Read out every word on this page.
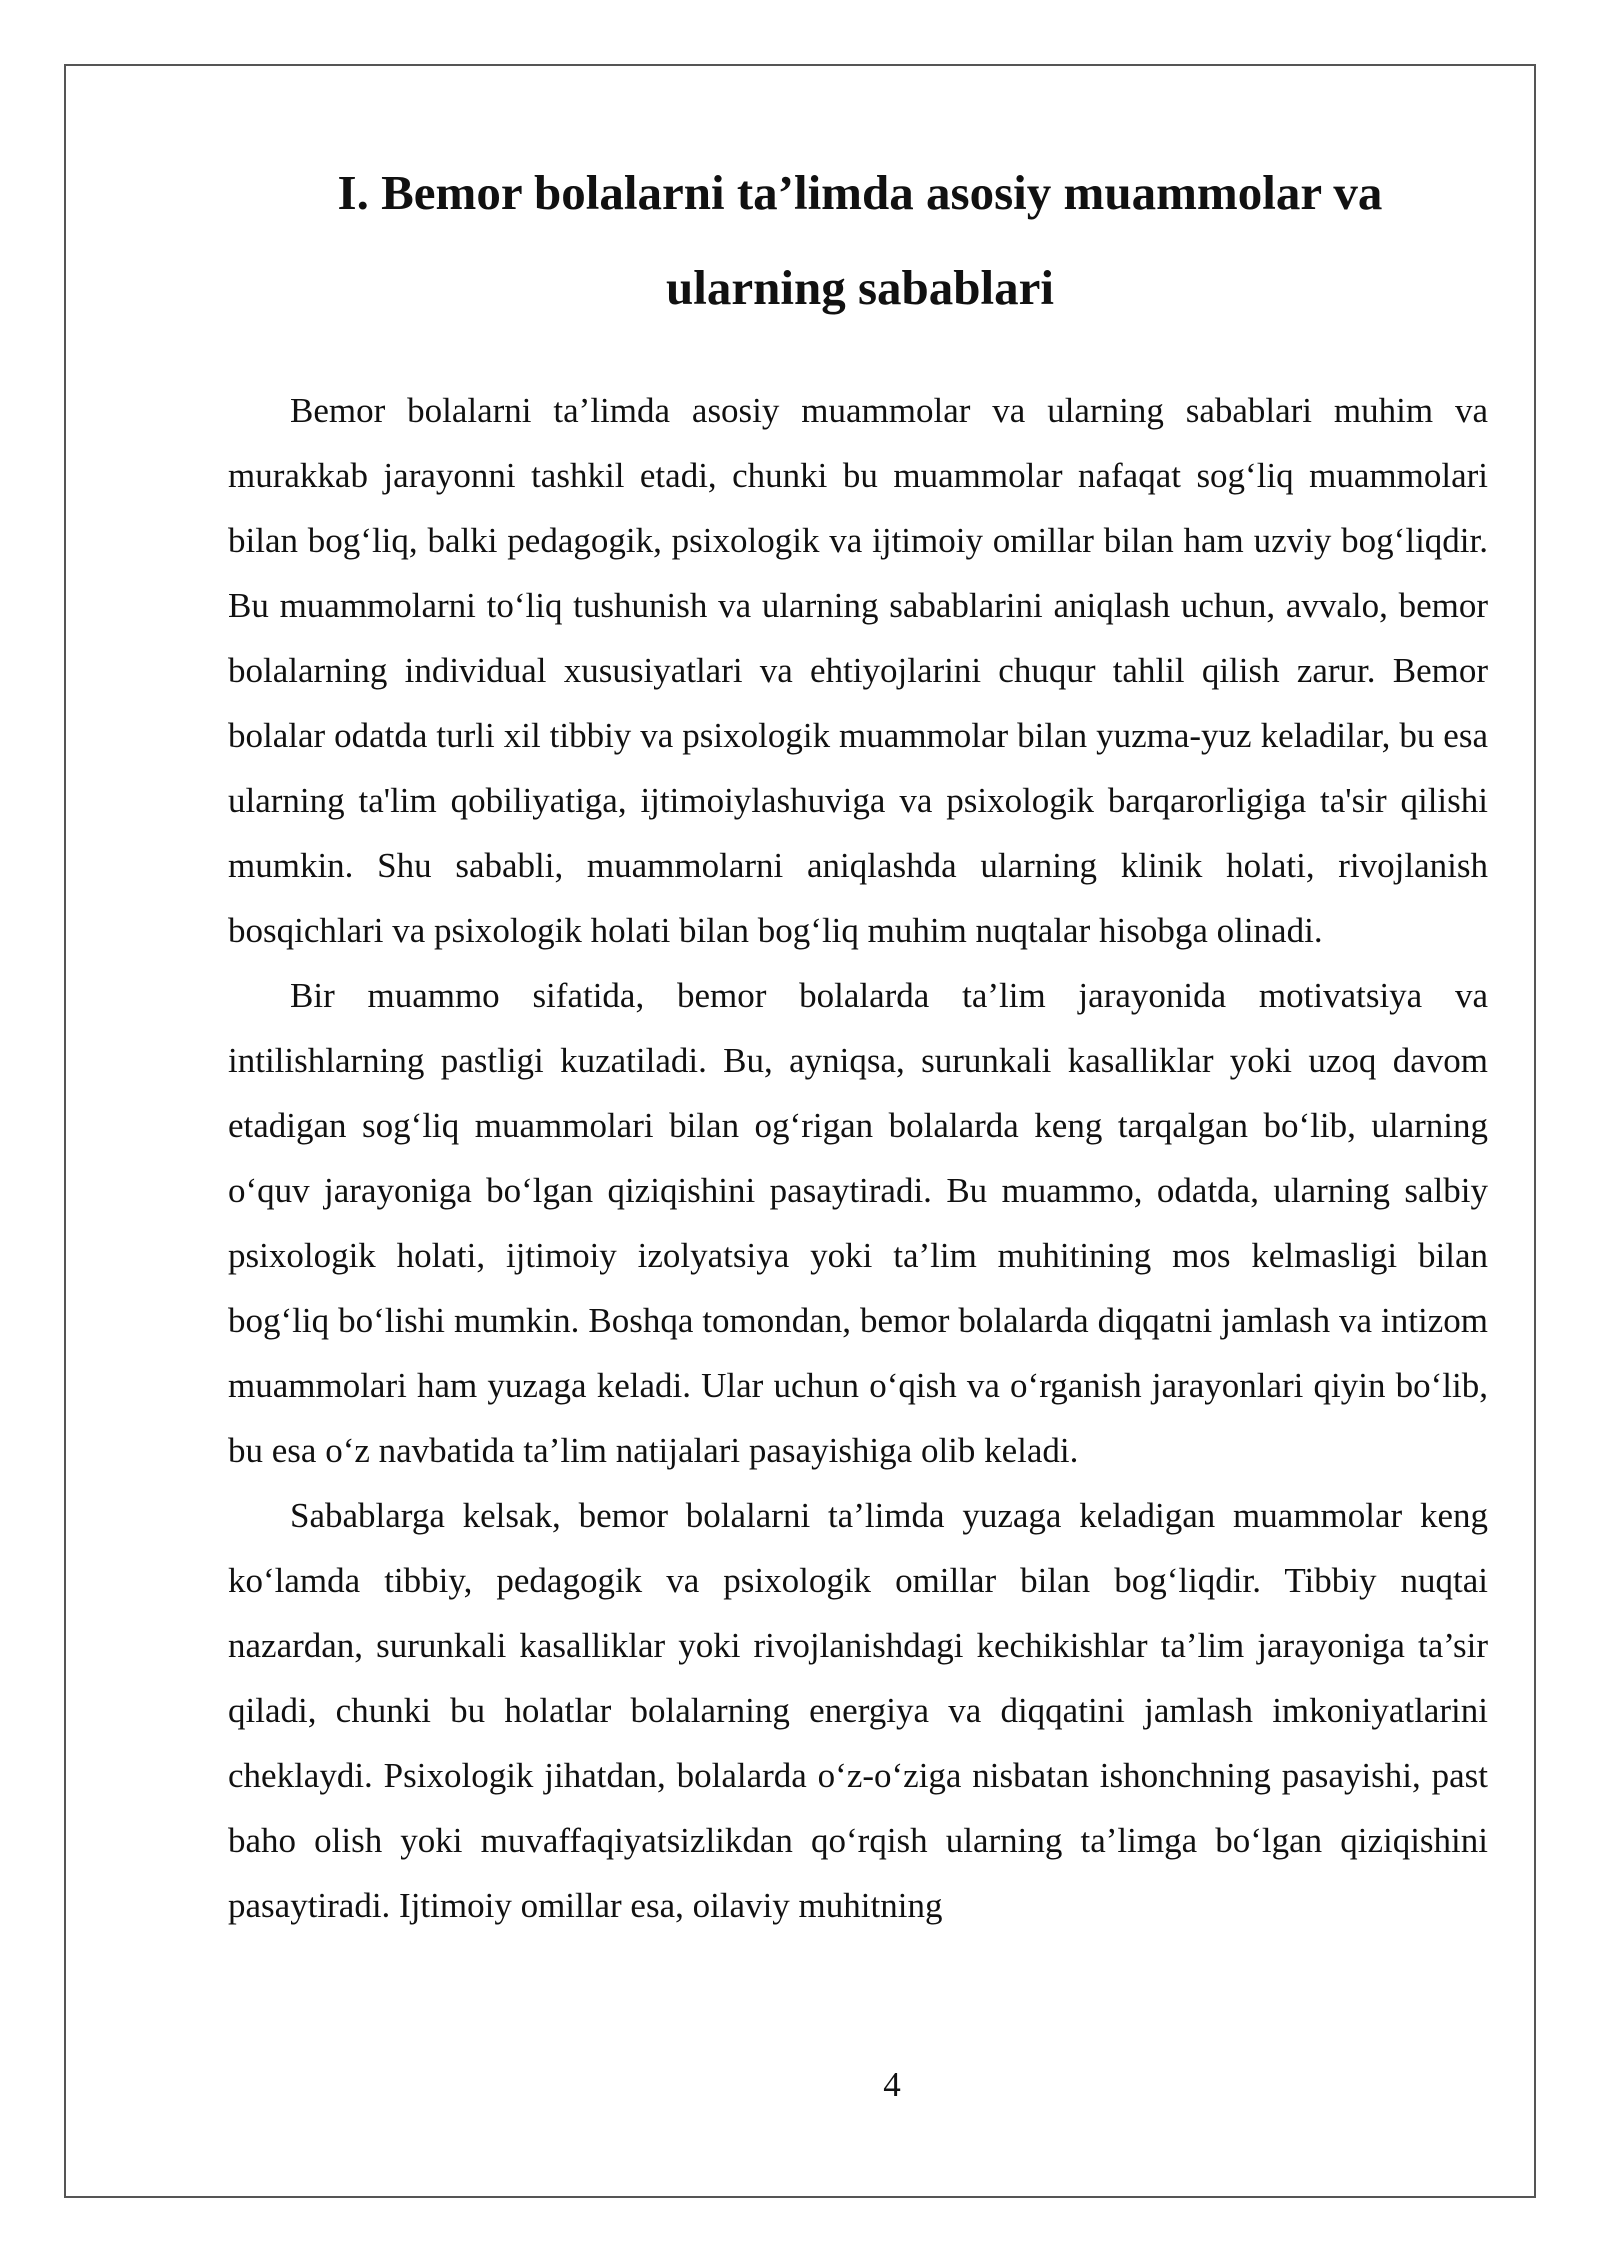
I. Bemor bolalarni ta’limda asosiy muammolar va
ularning sabablari

Bemor bolalarni ta’limda asosiy muammolar va ularning sabablari muhim va murakkab jarayonni tashkil etadi, chunki bu muammolar nafaqat sog‘liq muammolari bilan bog‘liq, balki pedagogik, psixologik va ijtimoiy omillar bilan ham uzviy bog‘liqdir. Bu muammolarni to‘liq tushunish va ularning sabablarini aniqlash uchun, avvalo, bemor bolalarning individual xususiyatlari va ehtiyojlarini chuqur tahlil qilish zarur. Bemor bolalar odatda turli xil tibbiy va psixologik muammolar bilan yuzma-yuz keladilar, bu esa ularning ta'lim qobiliyatiga, ijtimoiylashuviga va psixologik barqarorligiga ta'sir qilishi mumkin. Shu sababli, muammolarni aniqlashda ularning klinik holati, rivojlanish bosqichlari va psixologik holati bilan bog‘liq muhim nuqtalar hisobga olinadi.

Bir muammo sifatida, bemor bolalarda ta’lim jarayonida motivatsiya va intilishlarning pastligi kuzatiladi. Bu, ayniqsa, surunkali kasalliklar yoki uzoq davom etadigan sog‘liq muammolari bilan og‘rigan bolalarda keng tarqalgan bo‘lib, ularning o‘quv jarayoniga bo‘lgan qiziqishini pasaytiradi. Bu muammo, odatda, ularning salbiy psixologik holati, ijtimoiy izolyatsiya yoki ta’lim muhitining mos kelmasligi bilan bog‘liq bo‘lishi mumkin. Boshqa tomondan, bemor bolalarda diqqatni jamlash va intizom muammolari ham yuzaga keladi. Ular uchun o‘qish va o‘rganish jarayonlari qiyin bo‘lib, bu esa o‘z navbatida ta’lim natijalari pasayishiga olib keladi.

Sabablarga kelsak, bemor bolalarni ta’limda yuzaga keladigan muammolar keng ko‘lamda tibbiy, pedagogik va psixologik omillar bilan bog‘liqdir. Tibbiy nuqtai nazardan, surunkali kasalliklar yoki rivojlanishdagi kechikishlar ta’lim jarayoniga ta’sir qiladi, chunki bu holatlar bolalarning energiya va diqqatini jamlash imkoniyatlarini cheklaydi. Psixologik jihatdan, bolalarda o‘z-o‘ziga nisbatan ishonchning pasayishi, past baho olish yoki muvaffaqiyatsizlikdan qo‘rqish ularning ta’limga bo‘lgan qiziqishini pasaytiradi. Ijtimoiy omillar esa, oilaviy muhitning

4
